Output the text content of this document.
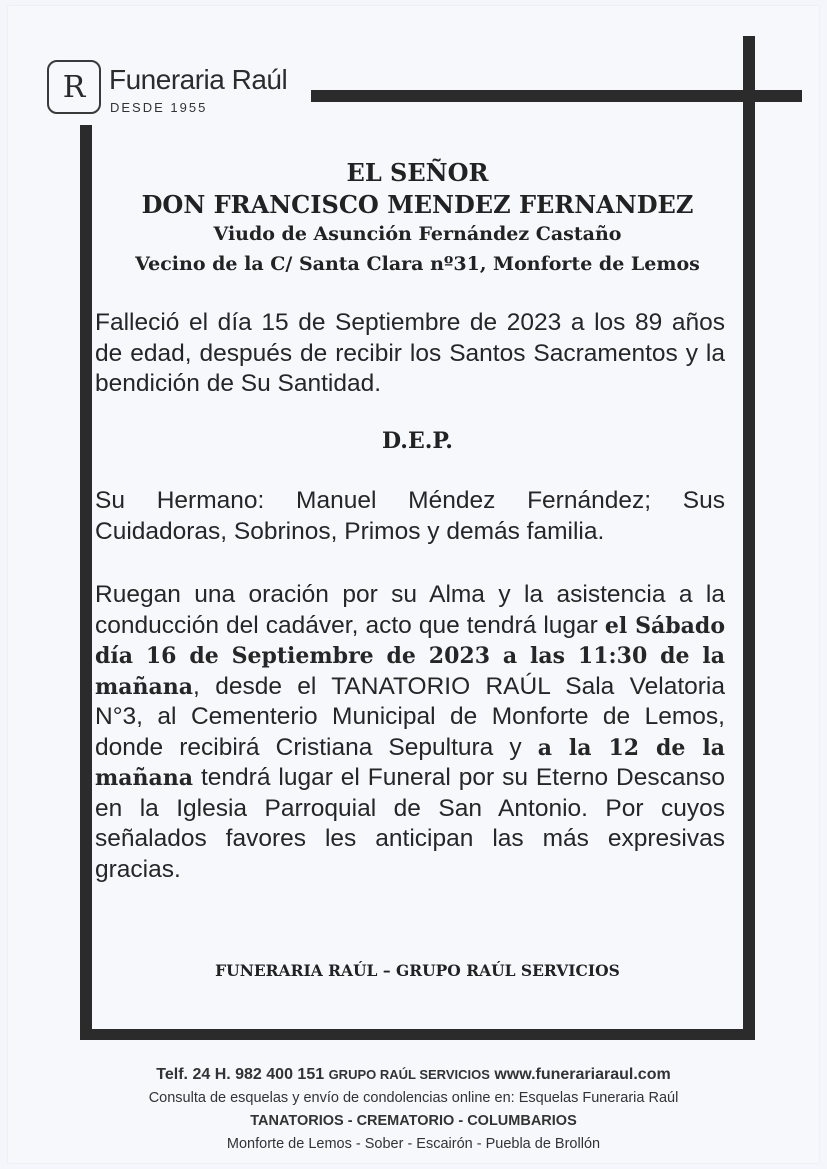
R Funeraria Raúl
DESDE 1955
EL SEÑOR
DON FRANCISCO MENDEZ FERNANDEZ
Viudo de Asunción Fernández Castaño
Vecino de la C/ Santa Clara nº31, Monforte de Lemos
Falleció el día 15 de Septiembre de 2023 a los 89 años de edad, después de recibir los Santos Sacramentos y la bendición de Su Santidad.
D.E.P.
Su Hermano: Manuel Méndez Fernández; Sus Cuidadoras, Sobrinos, Primos y demás familia.
Ruegan una oración por su Alma y la asistencia a la conducción del cadáver, acto que tendrá lugar el Sábado día 16 de Septiembre de 2023 a las 11:30 de la mañana, desde el TANATORIO RAÚL Sala Velatoria N°3, al Cementerio Municipal de Monforte de Lemos, donde recibirá Cristiana Sepultura y a la 12 de la mañana tendrá lugar el Funeral por su Eterno Descanso en la Iglesia Parroquial de San Antonio. Por cuyos señalados favores les anticipan las más expresivas gracias.
FUNERARIA RAÚL – GRUPO RAÚL SERVICIOS
Telf. 24 H. 982 400 151 GRUPO RAÚL SERVICIOS www.funerariaraul.com
Consulta de esquelas y envío de condolencias online en: Esquelas Funeraria Raúl
TANATORIOS - CREMATORIO - COLUMBARIOS
Monforte de Lemos - Sober - Escairón - Puebla de Brollón
